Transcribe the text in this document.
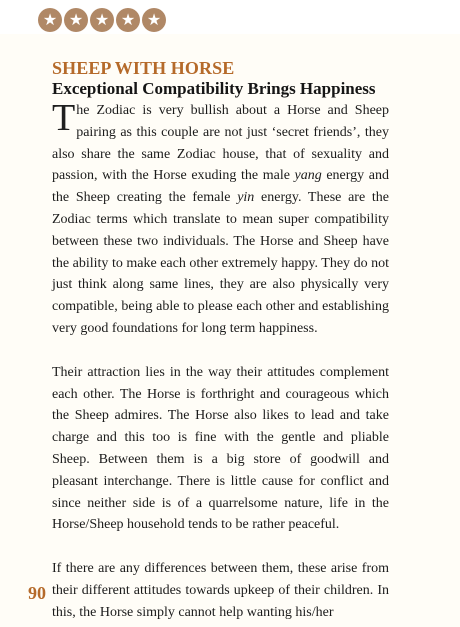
★ ★ ★ ★ ★
SHEEP WITH HORSE
Exceptional Compatibility Brings Happiness

The Zodiac is very bullish about a Horse and Sheep pairing as this couple are not just ‘secret friends’, they also share the same Zodiac house, that of sexuality and passion, with the Horse exuding the male yang energy and the Sheep creating the female yin energy. These are the Zodiac terms which translate to mean super compatibility between these two individuals. The Horse and Sheep have the ability to make each other extremely happy. They do not just think along same lines, they are also physically very compatible, being able to please each other and establishing very good foundations for long term happiness.

Their attraction lies in the way their attitudes complement each other. The Horse is forthright and courageous which the Sheep admires. The Horse also likes to lead and take charge and this too is fine with the gentle and pliable Sheep. Between them is a big store of goodwill and pleasant interchange. There is little cause for conflict and since neither side is of a quarrelsome nature, life in the Horse/Sheep household tends to be rather peaceful.

If there are any differences between them, these arise from their different attitudes towards upkeep of their children. In this, the Horse simply cannot help wanting his/her

90
